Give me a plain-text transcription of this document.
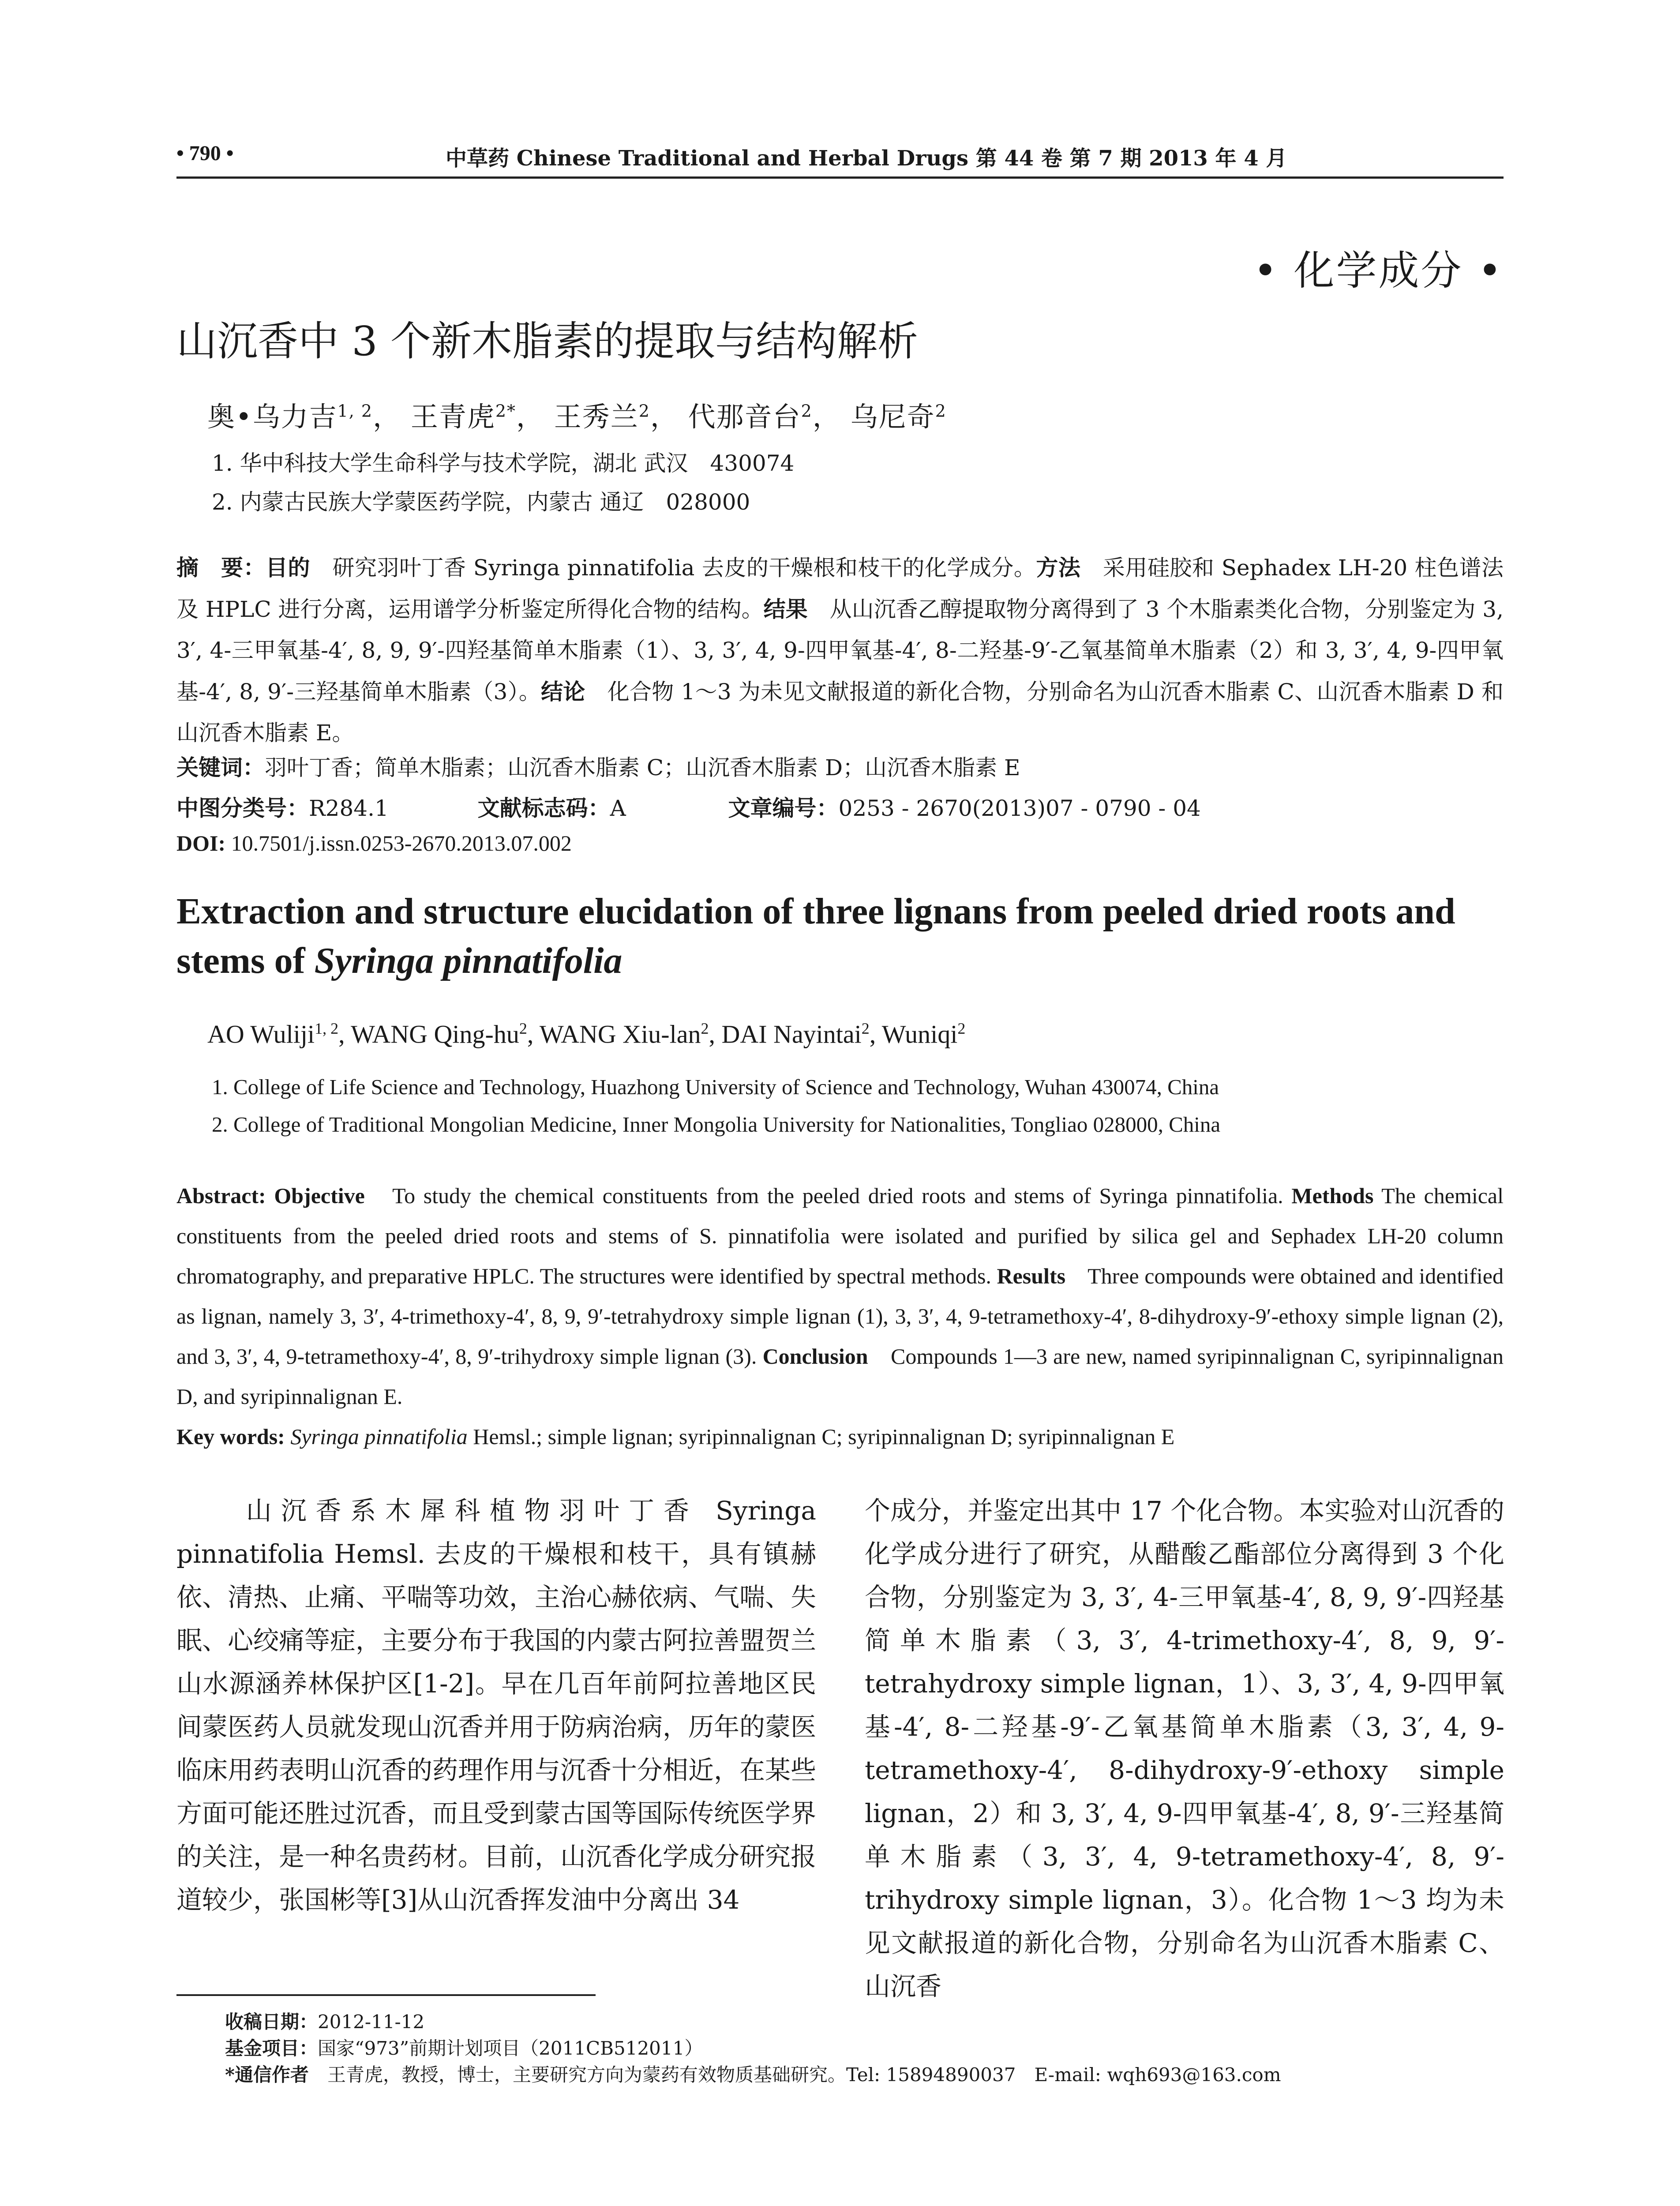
• 790 •	中草药 Chinese Traditional and Herbal Drugs 第 44 卷 第 7 期 2013 年 4 月
• 化学成分 •
山沉香中 3 个新木脂素的提取与结构解析
奥•乌力吉$^{1, 2}$， 王青虎$^{2*}$， 王秀兰$^2$， 代那音台$^2$， 乌尼奇$^2$
1. 华中科技大学生命科学与技术学院，湖北 武汉　430074
2. 内蒙古民族大学蒙医药学院，内蒙古 通辽　028000
摘　要：目的　研究羽叶丁香 Syringa pinnatifolia 去皮的干燥根和枝干的化学成分。方法　采用硅胶和 Sephadex LH-20 柱色谱法及 HPLC 进行分离，运用谱学分析鉴定所得化合物的结构。结果　从山沉香乙醇提取物分离得到了 3 个木脂素类化合物，分别鉴定为 3, 3′, 4-三甲氧基-4′, 8, 9, 9′-四羟基简单木脂素（1）、3, 3′, 4, 9-四甲氧基-4′, 8-二羟基-9′-乙氧基简单木脂素（2）和 3, 3′, 4, 9-四甲氧基-4′, 8, 9′-三羟基简单木脂素（3）。结论　化合物 1～3 为未见文献报道的新化合物，分别命名为山沉香木脂素 C、山沉香木脂素 D 和山沉香木脂素 E。
关键词：羽叶丁香；简单木脂素；山沉香木脂素 C；山沉香木脂素 D；山沉香木脂素 E
中图分类号：R284.1	文献标志码：A	文章编号：0253 - 2670(2013)07 - 0790 - 04
DOI: 10.7501/j.issn.0253-2670.2013.07.002
Extraction and structure elucidation of three lignans from peeled dried roots and stems of Syringa pinnatifolia
AO Wuliji$^{1, 2}$, WANG Qing-$hu^2$, WANG Xiu-lan$^2$, DAI Nayintai$^2$, Wuniqi$^2$
1. College of Life Science and Technology, Huazhong University of Science and Technology, Wuhan 430074, China
2. College of Traditional Mongolian Medicine, Inner Mongolia University for Nationalities, Tongliao 028000, China
Abstract: Objective　To study the chemical constituents from the peeled dried roots and stems of Syringa pinnatifolia. Methods The chemical constituents from the peeled dried roots and stems of S. pinnatifolia were isolated and purified by silica gel and Sephadex LH-20 column chromatography, and preparative HPLC. The structures were identified by spectral methods. Results　Three compounds were obtained and identified as lignan, namely 3, 3′, 4-trimethoxy-4′, 8, 9, 9′-tetrahydroxy simple lignan (1), 3, 3′, 4, 9-tetramethoxy-4′, 8-dihydroxy-9′-ethoxy simple lignan (2), and 3, 3′, 4, 9-tetramethoxy-4′, 8, 9′-trihydroxy simple lignan (3). Conclusion　Compounds 1—3 are new, named syripinnalignan C, syripinnalignan D, and syripinnalignan E.
Key words: Syringa pinnatifolia Hemsl.; simple lignan; syripinnalignan C; syripinnalignan D; syripinnalignan E
　　山沉香系木犀科植物羽叶丁香 Syringa pinnatifolia Hemsl. 去皮的干燥根和枝干，具有镇赫依、清热、止痛、平喘等功效，主治心赫依病、气喘、失眠、心绞痛等症，主要分布于我国的内蒙古阿拉善盟贺兰山水源涵养林保护区[1-2]。早在几百年前阿拉善地区民间蒙医药人员就发现山沉香并用于防病治病，历年的蒙医临床用药表明山沉香的药理作用与沉香十分相近，在某些方面可能还胜过沉香，而且受到蒙古国等国际传统医学界的关注，是一种名贵药材。目前，山沉香化学成分研究报道较少，张国彬等[3]从山沉香挥发油中分离出 34
个成分，并鉴定出其中 17 个化合物。本实验对山沉香的化学成分进行了研究，从醋酸乙酯部位分离得到 3 个化合物，分别鉴定为 3, 3′, 4-三甲氧基-4′, 8, 9, 9′-四羟基简单木脂素（3, 3′, 4-trimethoxy-4′, 8, 9, 9′-tetrahydroxy simple lignan，1）、3, 3′, 4, 9-四甲氧基-4′, 8-二羟基-9′-乙氧基简单木脂素（3, 3′, 4, 9-tetramethoxy-4′, 8-dihydroxy-9′-ethoxy simple lignan，2）和 3, 3′, 4, 9-四甲氧基-4′, 8, 9′-三羟基简单木脂素（3, 3′, 4, 9-tetramethoxy-4′, 8, 9′-trihydroxy simple lignan，3）。化合物 1～3 均为未见文献报道的新化合物，分别命名为山沉香木脂素 C、山沉香
收稿日期：2012-11-12
基金项目：国家“973”前期计划项目（2011CB512011）
*通信作者　王青虎，教授，博士，主要研究方向为蒙药有效物质基础研究。Tel: 15894890037　E-mail: wqh693@163.com
